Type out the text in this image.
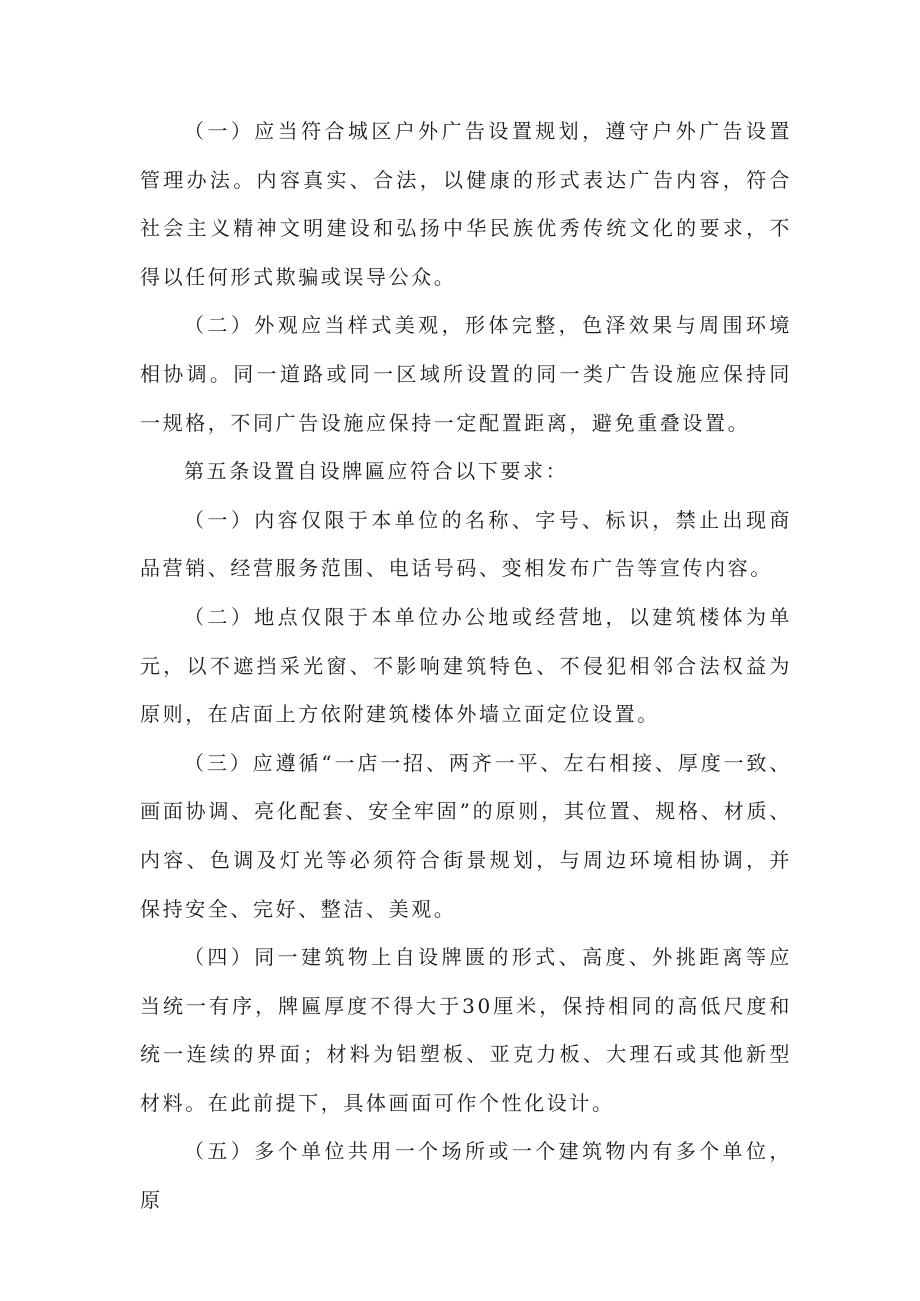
（一）应当符合城区户外广告设置规划，遵守户外广告设置管理办法。内容真实、合法，以健康的形式表达广告内容，符合社会主义精神文明建设和弘扬中华民族优秀传统文化的要求，不得以任何形式欺骗或误导公众。

（二）外观应当样式美观，形体完整，色泽效果与周围环境相协调。同一道路或同一区域所设置的同一类广告设施应保持同一规格，不同广告设施应保持一定配置距离，避免重叠设置。

第五条设置自设牌匾应符合以下要求：

（一）内容仅限于本单位的名称、字号、标识，禁止出现商品营销、经营服务范围、电话号码、变相发布广告等宣传内容。

（二）地点仅限于本单位办公地或经营地，以建筑楼体为单元，以不遮挡采光窗、不影响建筑特色、不侵犯相邻合法权益为原则，在店面上方依附建筑楼体外墙立面定位设置。

（三）应遵循“一店一招、两齐一平、左右相接、厚度一致、画面协调、亮化配套、安全牢固”的原则，其位置、规格、材质、内容、色调及灯光等必须符合街景规划，与周边环境相协调，并保持安全、完好、整洁、美观。

（四）同一建筑物上自设牌匮的形式、高度、外挑距离等应当统一有序，牌匾厚度不得大于30厘米，保持相同的高低尺度和统一连续的界面；材料为铝塑板、亚克力板、大理石或其他新型材料。在此前提下，具体画面可作个性化设计。

（五）多个单位共用一个场所或一个建筑物内有多个单位，原
